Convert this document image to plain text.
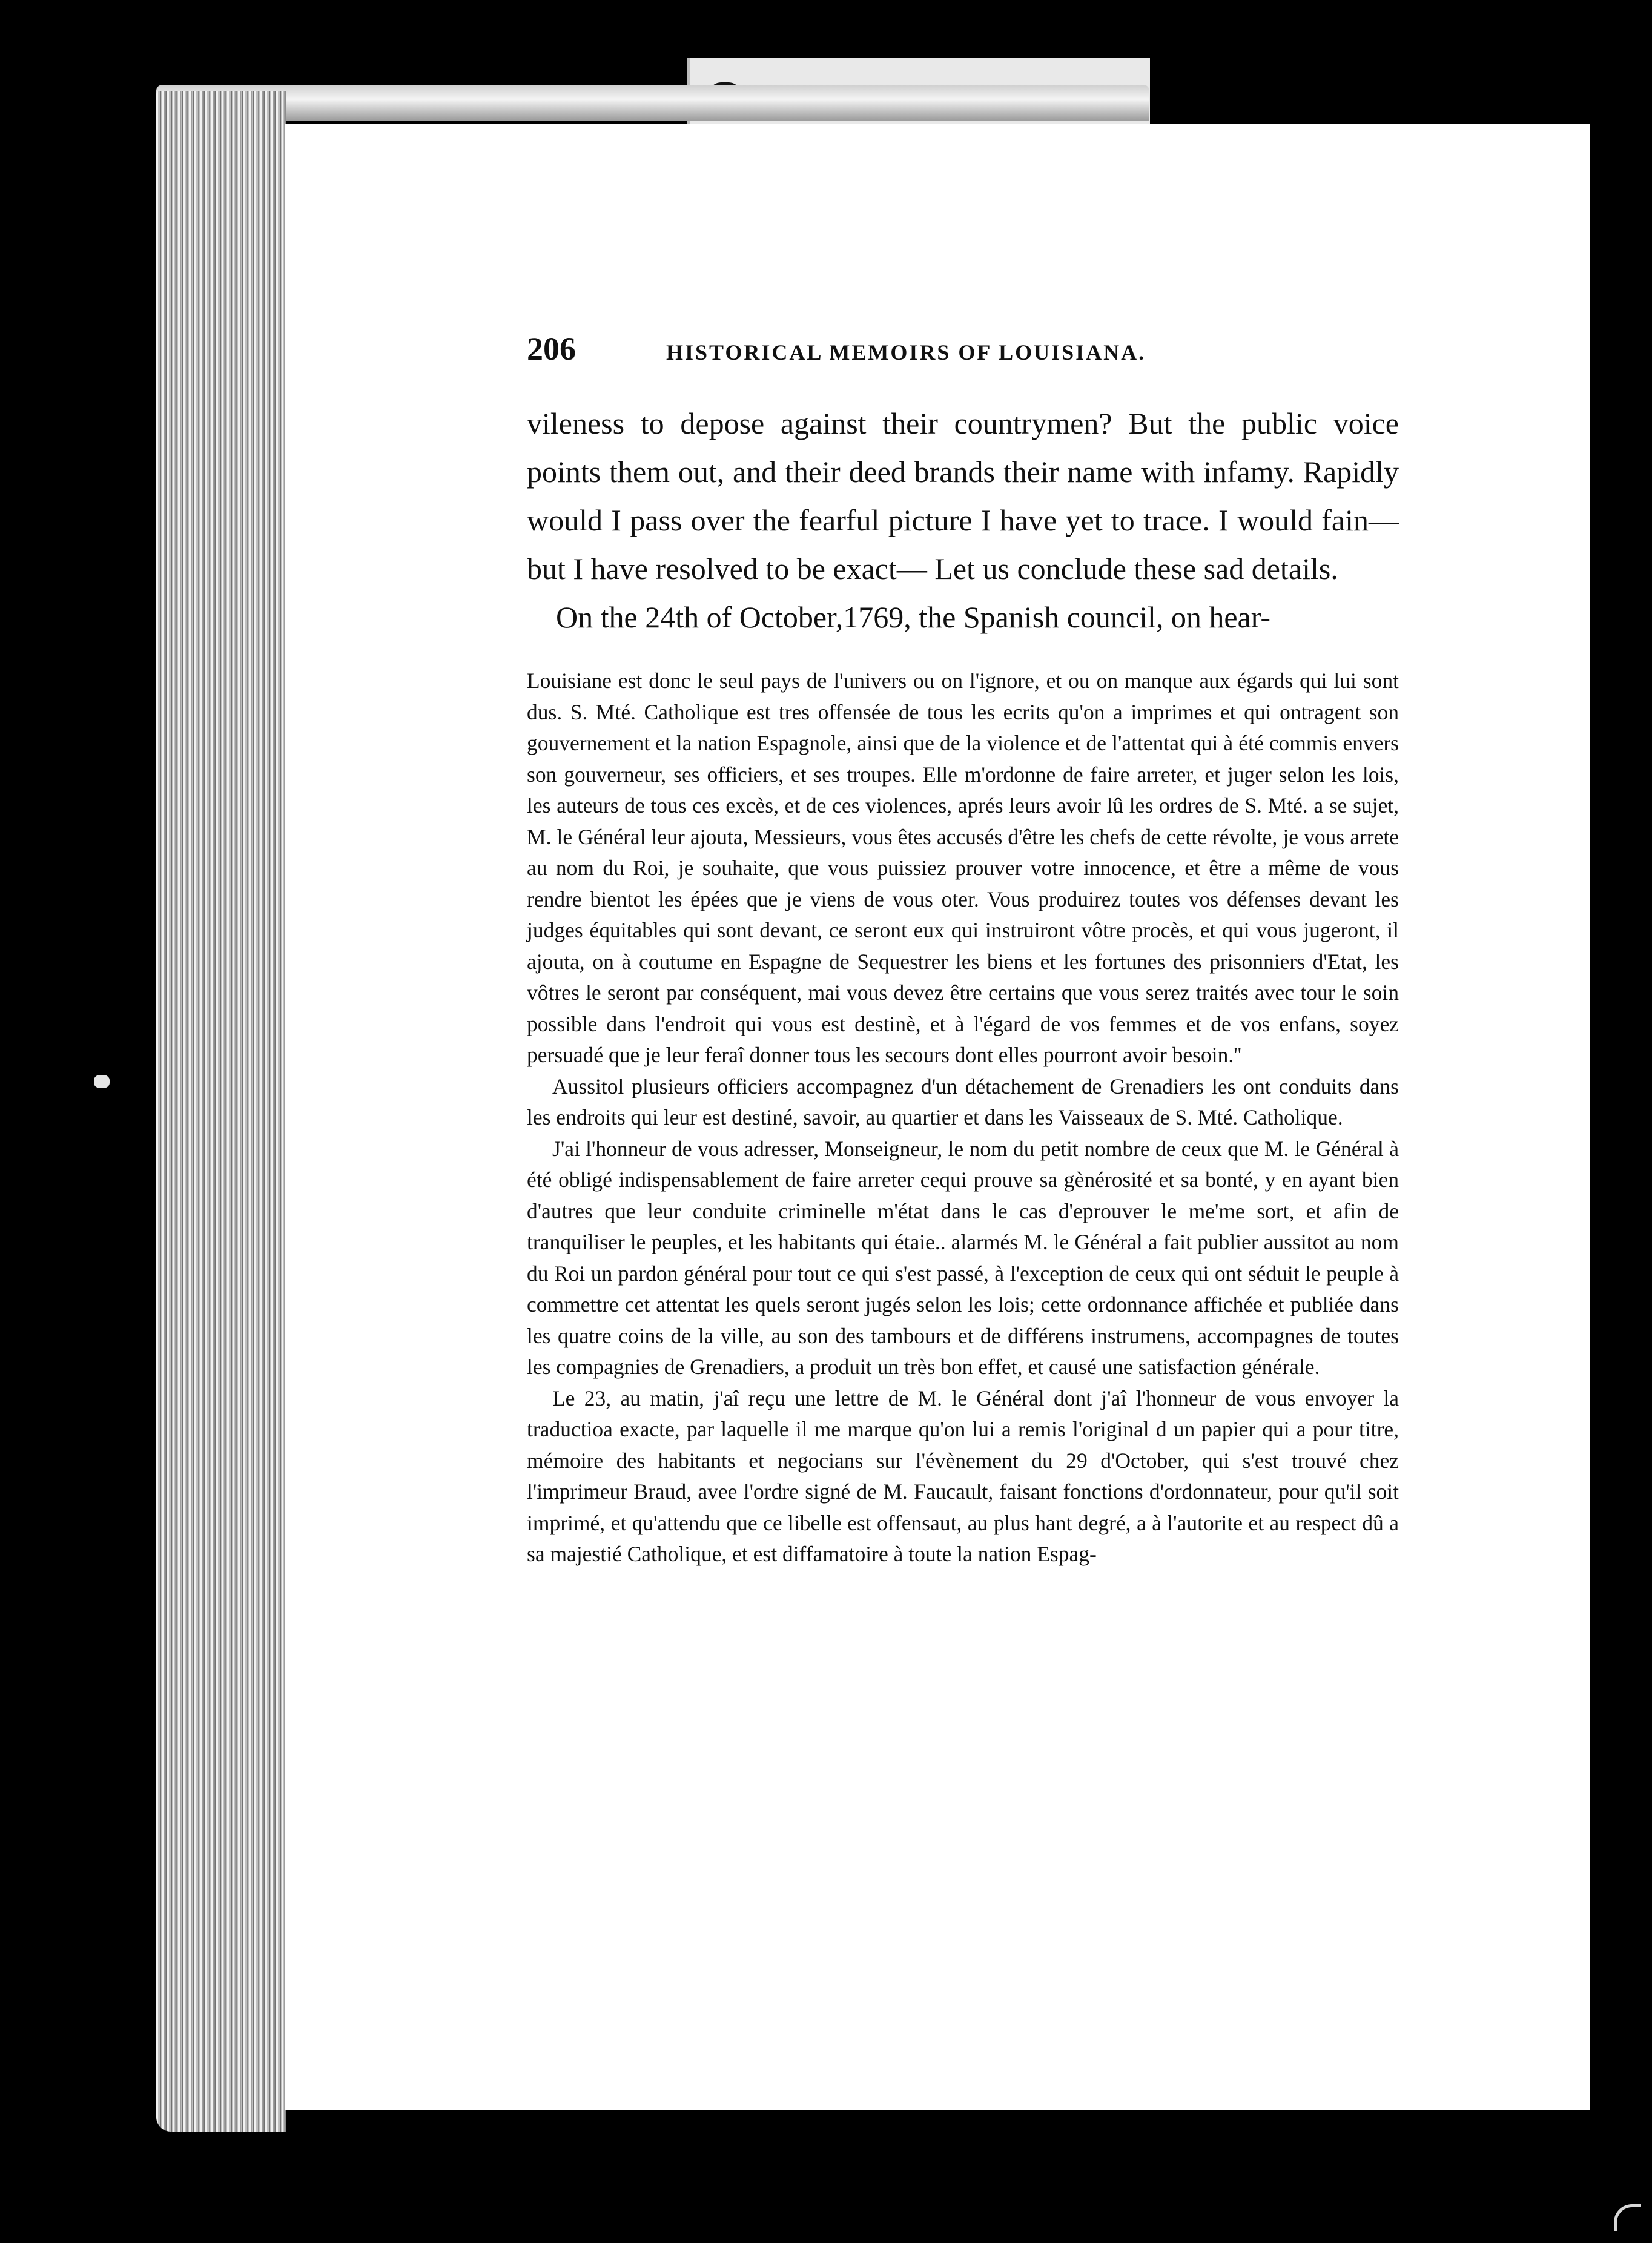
206	HISTORICAL MEMOIRS OF LOUISIANA.

vileness to depose against their countrymen? But the public voice points them out, and their deed brands their name with infamy. Rapidly would I pass over the fearful picture I have yet to trace. I would fain—but I have resolved to be exact— Let us conclude these sad details.

On the 24th of October,1769, the Spanish council, on hear-

Louisiane est donc le seul pays de l'univers ou on l'ignore, et ou on manque aux égards qui lui sont dus. S. Mté. Catholique est tres offensée de tous les ecrits qu'on a imprimes et qui ontragent son gouvernement et la nation Espagnole, ainsi que de la violence et de l'attentat qui à été commis envers son gouverneur, ses officiers, et ses troupes. Elle m'ordonne de faire arreter, et juger selon les lois, les auteurs de tous ces excès, et de ces violences, aprés leurs avoir lû les ordres de S. Mté. a se sujet, M. le Général leur ajouta, Messieurs, vous êtes accusés d'être les chefs de cette révolte, je vous arrete au nom du Roi, je souhaite, que vous puissiez prouver votre innocence, et être a même de vous rendre bientot les épées que je viens de vous oter. Vous produirez toutes vos défenses devant les judges équitables qui sont devant, ce seront eux qui instruiront vôtre procès, et qui vous jugeront, il ajouta, on à coutume en Espagne de Sequestrer les biens et les fortunes des prisonniers d'Etat, les vôtres le seront par conséquent, mai vous devez être certains que vous serez traités avec tour le soin possible dans l'endroit qui vous est destinè, et à l'égard de vos femmes et de vos enfans, soyez persuadé que je leur feraî donner tous les secours dont elles pourront avoir besoin.''

Aussitol plusieurs officiers accompagnez d'un détachement de Grenadiers les ont conduits dans les endroits qui leur est destiné, savoir, au quartier et dans les Vaisseaux de S. Mté. Catholique.

J'ai l'honneur de vous adresser, Monseigneur, le nom du petit nombre de ceux que M. le Général à été obligé indispensablement de faire arreter cequi prouve sa gènérosité et sa bonté, y en ayant bien d'autres que leur conduite criminelle m'état dans le cas d'eprouver le me'me sort, et afin de tranquiliser le peuples, et les habitants qui étaie.. alarmés M. le Général a fait publier aussitot au nom du Roi un pardon général pour tout ce qui s'est passé, à l'exception de ceux qui ont séduit le peuple à commettre cet attentat les quels seront jugés selon les lois; cette ordonnance affichée et publiée dans les quatre coins de la ville, au son des tambours et de différens instrumens, accompagnes de toutes les compagnies de Grenadiers, a produit un très bon effet, et causé une satisfaction générale.

Le 23, au matin, j'aî reçu une lettre de M. le Général dont j'aî l'honneur de vous envoyer la traductioa exacte, par laquelle il me marque qu'on lui a remis l'original d un papier qui a pour titre, mémoire des habitants et negocians sur l'évènement du 29 d'October, qui s'est trouvé chez l'imprimeur Braud, avee l'ordre signé de M. Faucault, faisant fonctions d'ordonnateur, pour qu'il soit imprimé, et qu'attendu que ce libelle est offensaut, au plus hant degré, a à l'autorite et au respect dû a sa majestié Catholique, et est diffamatoire à toute la nation Espag-
